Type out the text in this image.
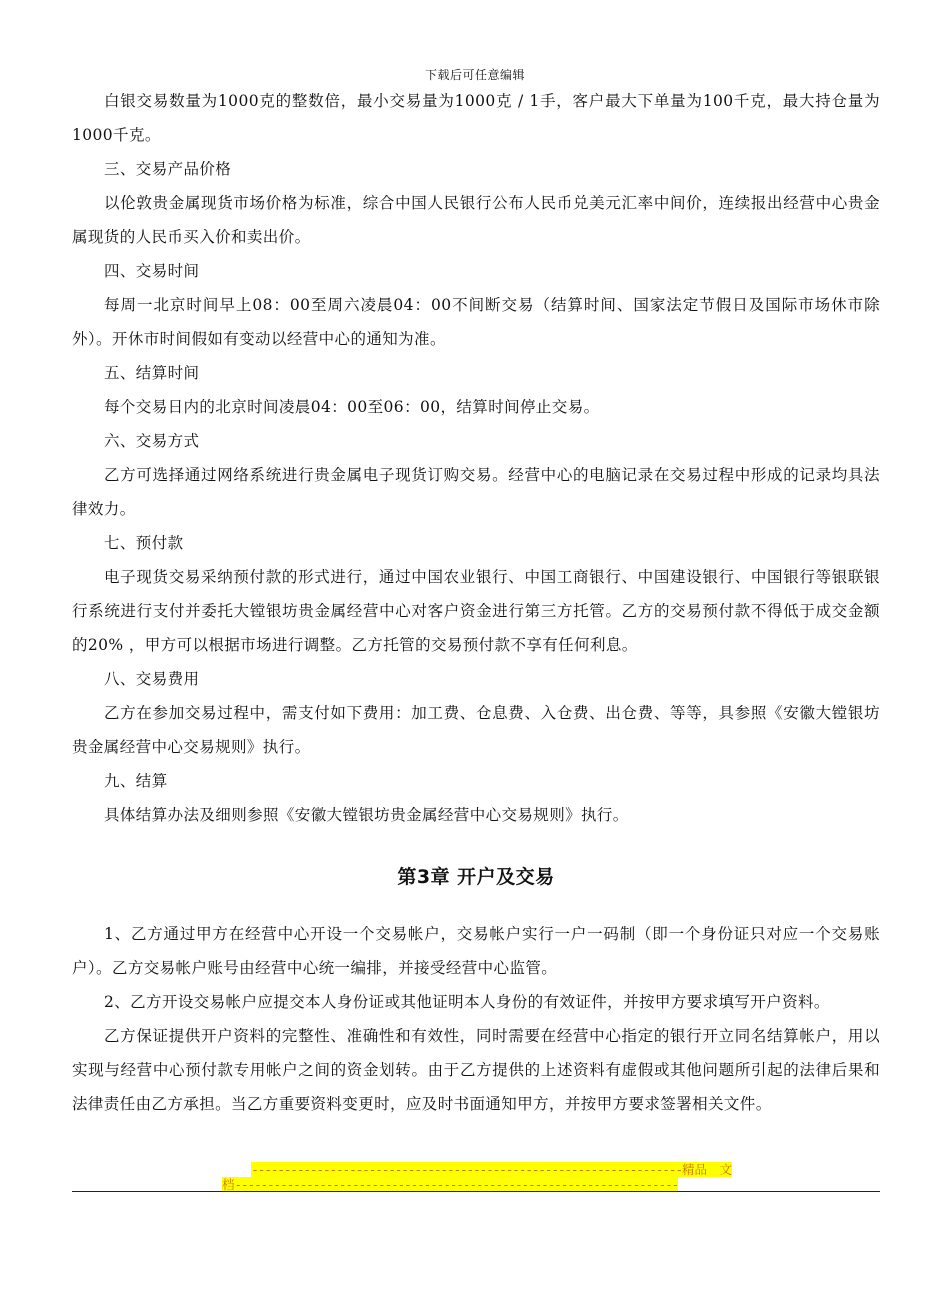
下载后可任意编辑

白银交易数量为1000克的整数倍，最小交易量为1000克 / 1手，客户最大下单量为100千克，最大持仓量为1000千克。

三、交易产品价格

以伦敦贵金属现货市场价格为标准，综合中国人民银行公布人民币兑美元汇率中间价，连续报出经营中心贵金属现货的人民币买入价和卖出价。

四、交易时间

每周一北京时间早上08：00至周六凌晨04：00不间断交易（结算时间、国家法定节假日及国际市场休市除外）。开休市时间假如有变动以经营中心的通知为准。

五、结算时间

每个交易日内的北京时间凌晨04：00至06：00，结算时间停止交易。

六、交易方式

乙方可选择通过网络系统进行贵金属电子现货订购交易。经营中心的电脑记录在交易过程中形成的记录均具法律效力。

七、预付款

电子现货交易采纳预付款的形式进行，通过中国农业银行、中国工商银行、中国建设银行、中国银行等银联银行系统进行支付并委托大镗银坊贵金属经营中心对客户资金进行第三方托管。乙方的交易预付款不得低于成交金额的20% ，甲方可以根据市场进行调整。乙方托管的交易预付款不享有任何利息。

八、交易费用

乙方在参加交易过程中，需支付如下费用：加工费、仓息费、入仓费、出仓费、等等，具参照《安徽大镗银坊贵金属经营中心交易规则》执行。

九、结算

具体结算办法及细则参照《安徽大镗银坊贵金属经营中心交易规则》执行。

第3章 开户及交易

1、乙方通过甲方在经营中心开设一个交易帐户，交易帐户实行一户一码制（即一个身份证只对应一个交易账户）。乙方交易帐户账号由经营中心统一编排，并接受经营中心监管。

2、乙方开设交易帐户应提交本人身份证或其他证明本人身份的有效证件，并按甲方要求填写开户资料。

乙方保证提供开户资料的完整性、准确性和有效性，同时需要在经营中心指定的银行开立同名结算帐户，用以实现与经营中心预付款专用帐户之间的资金划转。由于乙方提供的上述资料有虚假或其他问题所引起的法律后果和法律责任由乙方承担。当乙方重要资料变更时，应及时书面通知甲方，并按甲方要求签署相关文件。

------------------------------------------------------------------精品　文
档--------------------------------------------------------------------
